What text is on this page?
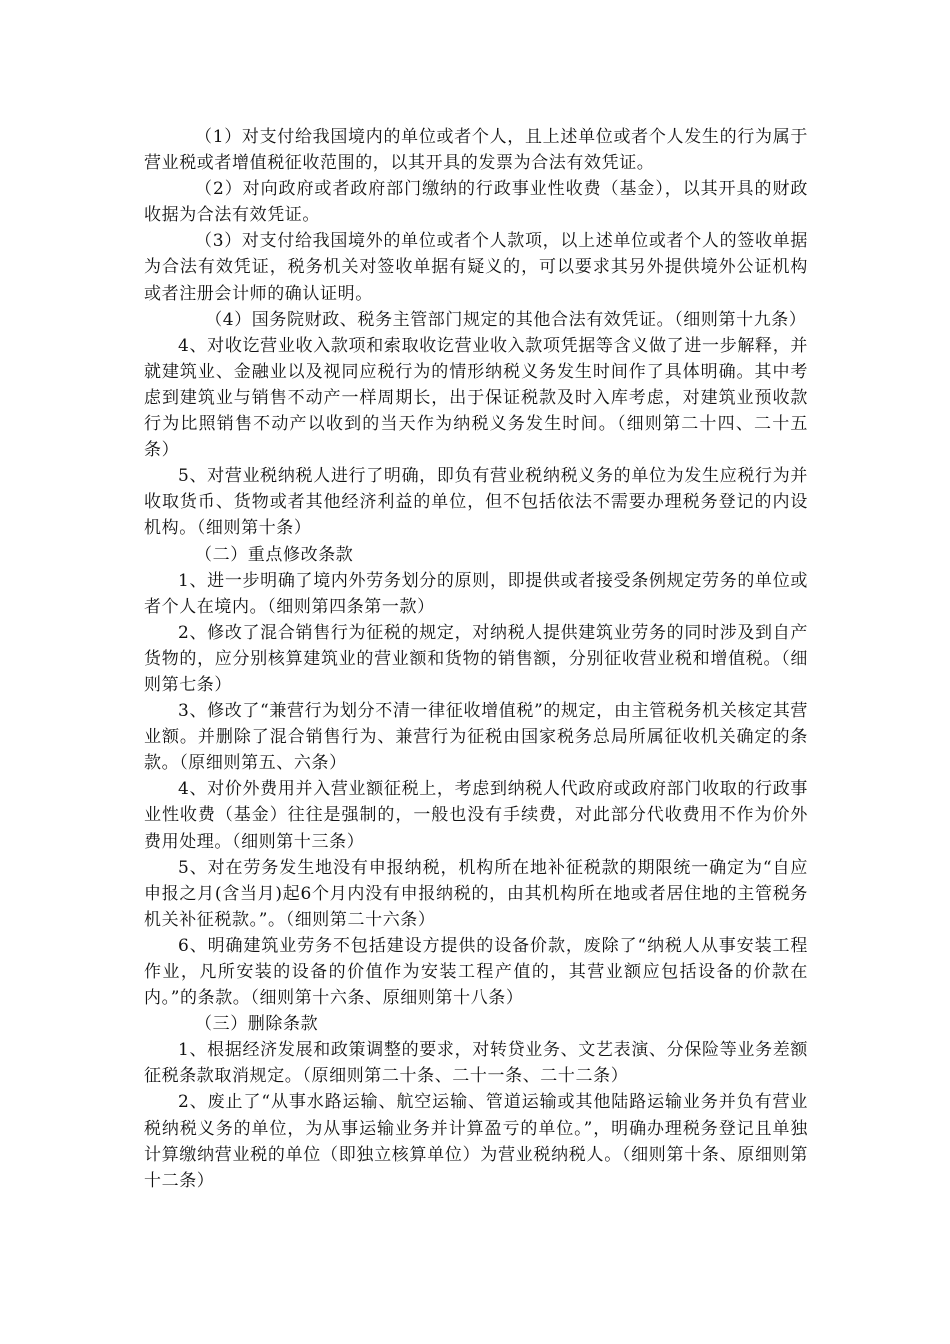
（1）对支付给我国境内的单位或者个人，且上述单位或者个人发生的行为属于营业税或者增值税征收范围的，以其开具的发票为合法有效凭证。

（2）对向政府或者政府部门缴纳的行政事业性收费（基金），以其开具的财政收据为合法有效凭证。

（3）对支付给我国境外的单位或者个人款项，以上述单位或者个人的签收单据为合法有效凭证，税务机关对签收单据有疑义的，可以要求其另外提供境外公证机构或者注册会计师的确认证明。

（4）国务院财政、税务主管部门规定的其他合法有效凭证。（细则第十九条）

4、对收讫营业收入款项和索取收讫营业收入款项凭据等含义做了进一步解释，并就建筑业、金融业以及视同应税行为的情形纳税义务发生时间作了具体明确。其中考虑到建筑业与销售不动产一样周期长，出于保证税款及时入库考虑，对建筑业预收款行为比照销售不动产以收到的当天作为纳税义务发生时间。（细则第二十四、二十五条）

5、对营业税纳税人进行了明确，即负有营业税纳税义务的单位为发生应税行为并收取货币、货物或者其他经济利益的单位，但不包括依法不需要办理税务登记的内设机构。（细则第十条）

（二）重点修改条款

1、进一步明确了境内外劳务划分的原则，即提供或者接受条例规定劳务的单位或者个人在境内。（细则第四条第一款）

2、修改了混合销售行为征税的规定，对纳税人提供建筑业劳务的同时涉及到自产货物的，应分别核算建筑业的营业额和货物的销售额，分别征收营业税和增值税。（细则第七条）

3、修改了“兼营行为划分不清一律征收增值税”的规定，由主管税务机关核定其营业额。并删除了混合销售行为、兼营行为征税由国家税务总局所属征收机关确定的条款。（原细则第五、六条）

4、对价外费用并入营业额征税上，考虑到纳税人代政府或政府部门收取的行政事业性收费（基金）往往是强制的，一般也没有手续费，对此部分代收费用不作为价外费用处理。（细则第十三条）

5、对在劳务发生地没有申报纳税，机构所在地补征税款的期限统一确定为“自应申报之月(含当月)起6个月内没有申报纳税的，由其机构所在地或者居住地的主管税务机关补征税款。”。（细则第二十六条）

6、明确建筑业劳务不包括建设方提供的设备价款，废除了“纳税人从事安装工程作业，凡所安装的设备的价值作为安装工程产值的，其营业额应包括设备的价款在内。”的条款。（细则第十六条、原细则第十八条）

（三）删除条款

1、根据经济发展和政策调整的要求，对转贷业务、文艺表演、分保险等业务差额征税条款取消规定。（原细则第二十条、二十一条、二十二条）

2、废止了“从事水路运输、航空运输、管道运输或其他陆路运输业务并负有营业税纳税义务的单位，为从事运输业务并计算盈亏的单位。”，明确办理税务登记且单独计算缴纳营业税的单位（即独立核算单位）为营业税纳税人。（细则第十条、原细则第十二条）
